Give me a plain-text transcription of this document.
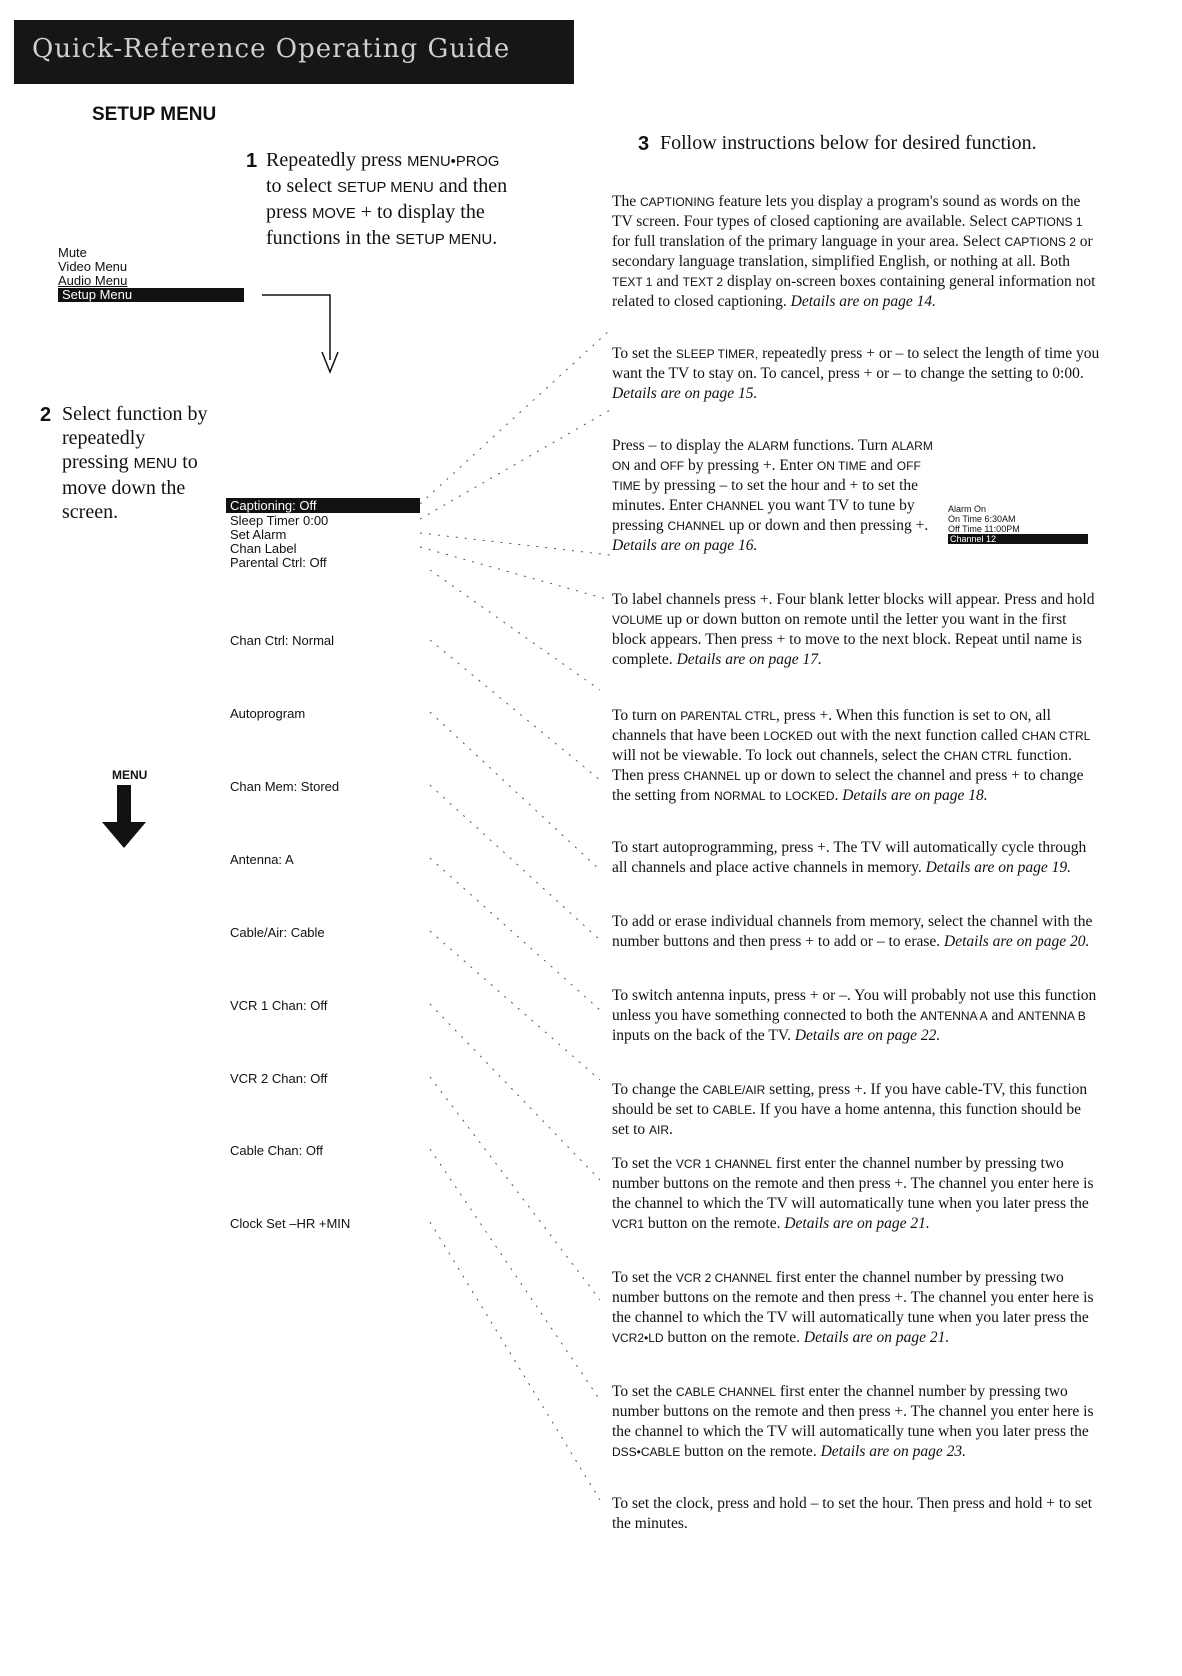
Quick-Reference Operating Guide
SETUP MENU
1 Repeatedly press MENU•PROG to select SETUP MENU and then press MOVE + to display the functions in the SETUP MENU.
Mute
Video Menu
Audio Menu
Setup Menu
2 Select function by repeatedly pressing MENU to move down the screen.
3 Follow instructions below for desired function.
MENU
Captioning: Off
Sleep Timer 0:00
Set Alarm
Chan Label
Parental Ctrl: Off
Chan Ctrl: Normal
Autoprogram
Chan Mem: Stored
Antenna: A
Cable/Air: Cable
VCR 1 Chan: Off
VCR 2 Chan: Off
Cable Chan: Off
Clock Set –HR +MIN
The CAPTIONING feature lets you display a program's sound as words on the TV screen. Four types of closed captioning are available. Select CAPTIONS 1 for full translation of the primary language in your area. Select CAPTIONS 2 or secondary language translation, simplified English, or nothing at all. Both TEXT 1 and TEXT 2 display on-screen boxes containing general information not related to closed captioning. Details are on page 14.
To set the SLEEP TIMER, repeatedly press + or – to select the length of time you want the TV to stay on. To cancel, press + or – to change the setting to 0:00. Details are on page 15.
Press – to display the ALARM functions. Turn ALARM ON and OFF by pressing +. Enter ON TIME and OFF TIME by pressing – to set the hour and + to set the minutes. Enter CHANNEL you want TV to tune by pressing CHANNEL up or down and then pressing +. Details are on page 16.
Alarm On
On Time 6:30AM
Off Time 11:00PM
Channel 12
To label channels press +. Four blank letter blocks will appear. Press and hold VOLUME up or down button on remote until the letter you want in the first block appears. Then press + to move to the next block. Repeat until name is complete. Details are on page 17.
To turn on PARENTAL CTRL, press +. When this function is set to ON, all channels that have been LOCKED out with the next function called CHAN CTRL will not be viewable. To lock out channels, select the CHAN CTRL function. Then press CHANNEL up or down to select the channel and press + to change the setting from NORMAL to LOCKED. Details are on page 18.
To start autoprogramming, press +. The TV will automatically cycle through all channels and place active channels in memory. Details are on page 19.
To add or erase individual channels from memory, select the channel with the number buttons and then press + to add or – to erase. Details are on page 20.
To switch antenna inputs, press + or –. You will probably not use this function unless you have something connected to both the ANTENNA A and ANTENNA B inputs on the back of the TV. Details are on page 22.
To change the CABLE/AIR setting, press +. If you have cable-TV, this function should be set to CABLE. If you have a home antenna, this function should be set to AIR.
To set the VCR 1 CHANNEL first enter the channel number by pressing two number buttons on the remote and then press +. The channel you enter here is the channel to which the TV will automatically tune when you later press the VCR1 button on the remote. Details are on page 21.
To set the VCR 2 CHANNEL first enter the channel number by pressing two number buttons on the remote and then press +. The channel you enter here is the channel to which the TV will automatically tune when you later press the VCR2•LD button on the remote. Details are on page 21.
To set the CABLE CHANNEL first enter the channel number by pressing two number buttons on the remote and then press +. The channel you enter here is the channel to which the TV will automatically tune when you later press the DSS•CABLE button on the remote. Details are on page 23.
To set the clock, press and hold – to set the hour. Then press and hold + to set the minutes.
